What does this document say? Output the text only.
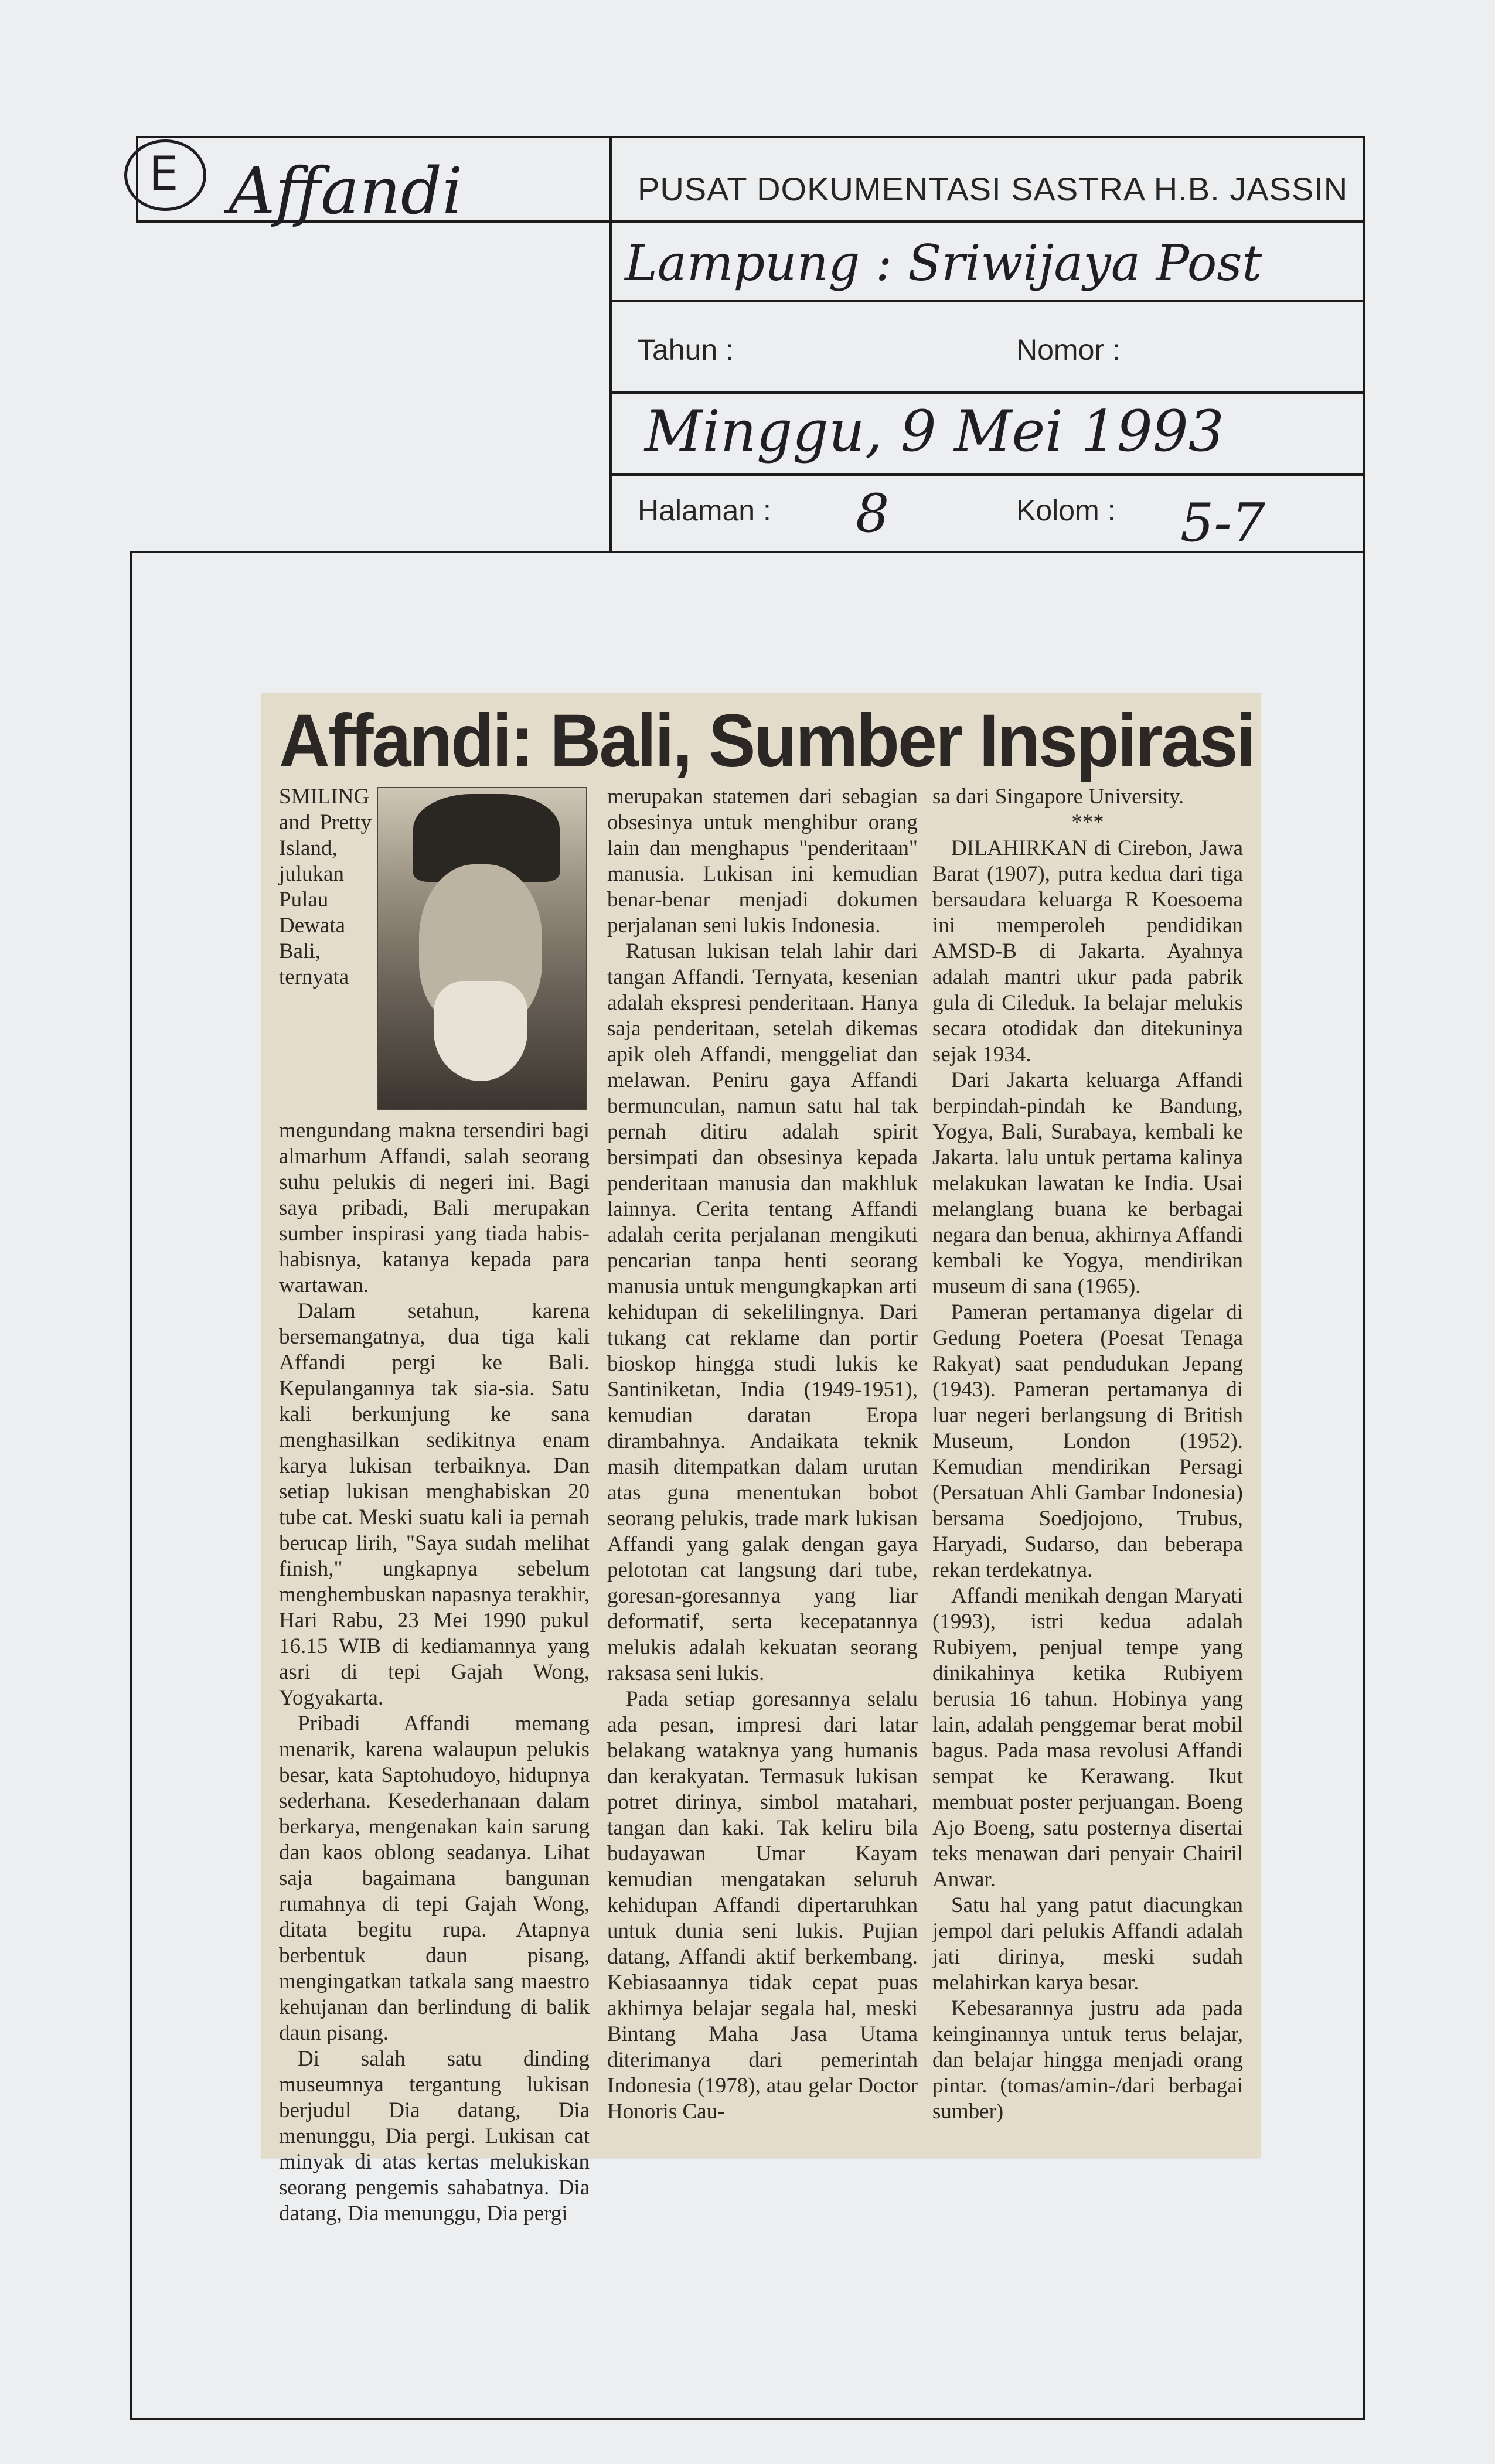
E Affandi	PUSAT DOKUMENTASI SASTRA H.B. JASSIN
Lampung : Sriwijaya Post
Tahun :	Nomor :
Minggu, 9 Mei 1993
Halaman : 8	Kolom : 5-7
Affandi: Bali, Sumber Inspirasi

SMILING and Pretty Island, julukan Pulau Dewata Bali, ternyata mengundang makna tersendiri bagi almarhum Affandi, salah seorang suhu pelukis di negeri ini. Bagi saya pribadi, Bali merupakan sumber inspirasi yang tiada habis-habisnya, katanya kepada para wartawan.

Dalam setahun, karena bersemangatnya, dua tiga kali Affandi pergi ke Bali. Kepulangannya tak sia-sia. Satu kali berkunjung ke sana menghasilkan sedikitnya enam karya lukisan terbaiknya. Dan setiap lukisan menghabiskan 20 tube cat. Meski suatu kali ia pernah berucap lirih, "Saya sudah melihat finish," ungkapnya sebelum menghembuskan napasnya terakhir, Hari Rabu, 23 Mei 1990 pukul 16.15 WIB di kediamannya yang asri di tepi Gajah Wong, Yogyakarta.

Pribadi Affandi memang menarik, karena walaupun pelukis besar, kata Saptohudoyo, hidupnya sederhana. Kesederhanaan dalam berkarya, mengenakan kain sarung dan kaos oblong seadanya. Lihat saja bagaimana bangunan rumahnya di tepi Gajah Wong, ditata begitu rupa. Atapnya berbentuk daun pisang, mengingatkan tatkala sang maestro kehujanan dan berlindung di balik daun pisang.

Di salah satu dinding museumnya tergantung lukisan berjudul Dia datang, Dia menunggu, Dia pergi. Lukisan cat minyak di atas kertas melukiskan seorang pengemis sahabatnya. Dia datang, Dia menunggu, Dia pergi

merupakan statemen dari sebagian obsesinya untuk menghibur orang lain dan menghapus "penderitaan" manusia. Lukisan ini kemudian benar-benar menjadi dokumen perjalanan seni lukis Indonesia.

Ratusan lukisan telah lahir dari tangan Affandi. Ternyata, kesenian adalah ekspresi penderitaan. Hanya saja penderitaan, setelah dikemas apik oleh Affandi, menggeliat dan melawan. Peniru gaya Affandi bermunculan, namun satu hal tak pernah ditiru adalah spirit bersimpati dan obsesinya kepada penderitaan manusia dan makhluk lainnya. Cerita tentang Affandi adalah cerita perjalanan mengikuti pencarian tanpa henti seorang manusia untuk mengungkapkan arti kehidupan di sekelilingnya. Dari tukang cat reklame dan portir bioskop hingga studi lukis ke Santiniketan, India (1949-1951), kemudian daratan Eropa dirambahnya. Andaikata teknik masih ditempatkan dalam urutan atas guna menentukan bobot seorang pelukis, trade mark lukisan Affandi yang galak dengan gaya pelototan cat langsung dari tube, goresan-goresannya yang liar deformatif, serta kecepatannya melukis adalah kekuatan seorang raksasa seni lukis.

Pada setiap goresannya selalu ada pesan, impresi dari latar belakang wataknya yang humanis dan kerakyatan. Termasuk lukisan potret dirinya, simbol matahari, tangan dan kaki. Tak keliru bila budayawan Umar Kayam kemudian mengatakan seluruh kehidupan Affandi dipertaruhkan untuk dunia seni lukis. Pujian datang, Affandi aktif berkembang. Kebiasaannya tidak cepat puas akhirnya belajar segala hal, meski Bintang Maha Jasa Utama diterimanya dari pemerintah Indonesia (1978), atau gelar Doctor Honoris Cau-

sa dari Singapore University.

***

DILAHIRKAN di Cirebon, Jawa Barat (1907), putra kedua dari tiga bersaudara keluarga R Koesoema ini memperoleh pendidikan AMSD-B di Jakarta. Ayahnya adalah mantri ukur pada pabrik gula di Cileduk. Ia belajar melukis secara otodidak dan ditekuninya sejak 1934.

Dari Jakarta keluarga Affandi berpindah-pindah ke Bandung, Yogya, Bali, Surabaya, kembali ke Jakarta. lalu untuk pertama kalinya melakukan lawatan ke India. Usai melanglang buana ke berbagai negara dan benua, akhirnya Affandi kembali ke Yogya, mendirikan museum di sana (1965).

Pameran pertamanya digelar di Gedung Poetera (Poesat Tenaga Rakyat) saat pendudukan Jepang (1943). Pameran pertamanya di luar negeri berlangsung di British Museum, London (1952). Kemudian mendirikan Persagi (Persatuan Ahli Gambar Indonesia) bersama Soedjojono, Trubus, Haryadi, Sudarso, dan beberapa rekan terdekatnya.

Affandi menikah dengan Maryati (1993), istri kedua adalah Rubiyem, penjual tempe yang dinikahinya ketika Rubiyem berusia 16 tahun. Hobinya yang lain, adalah penggemar berat mobil bagus. Pada masa revolusi Affandi sempat ke Kerawang. Ikut membuat poster perjuangan. Boeng Ajo Boeng, satu posternya disertai teks menawan dari penyair Chairil Anwar.

Satu hal yang patut diacungkan jempol dari pelukis Affandi adalah jati dirinya, meski sudah melahirkan karya besar.

Kebesarannya justru ada pada keinginannya untuk terus belajar, dan belajar hingga menjadi orang pintar. (tomas/amin-/dari berbagai sumber)
